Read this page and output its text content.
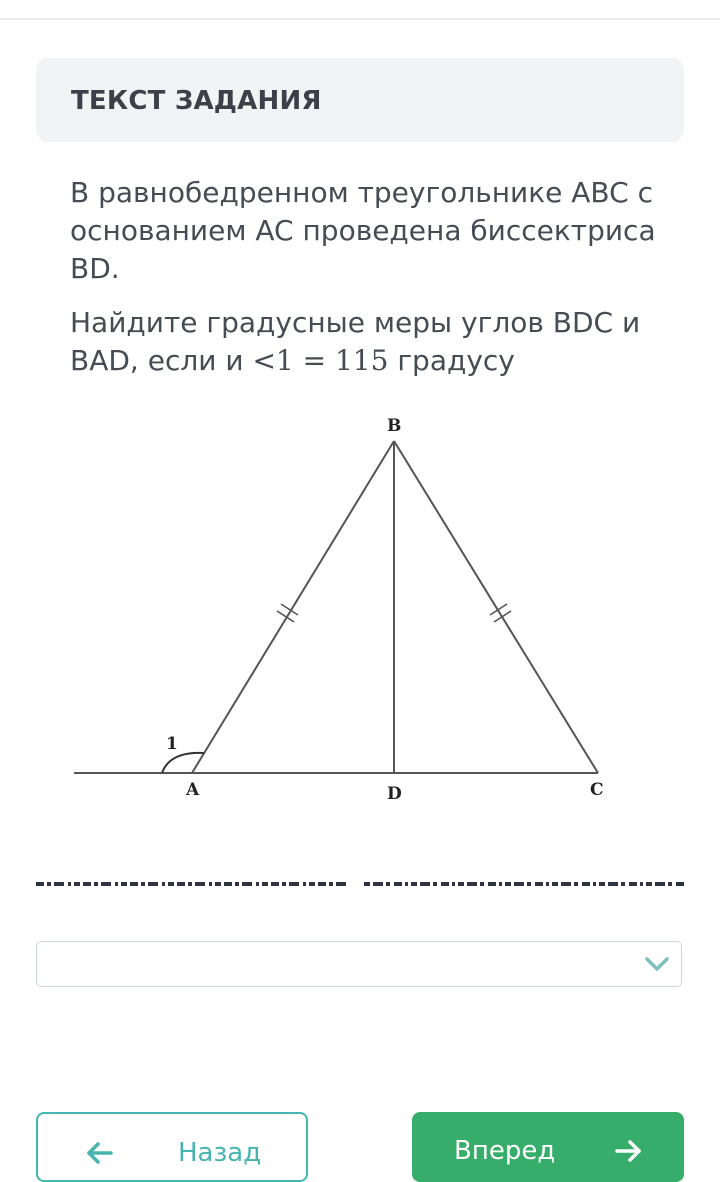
ТЕКСТ ЗАДАНИЯ

В равнобедренном треугольнике ABC с основанием AC проведена биссектриса BD.

Найдите градусные меры углов BDC и BAD, если и <1 = 115 градусу

B
A	D	C
1
Назад	Вперед
